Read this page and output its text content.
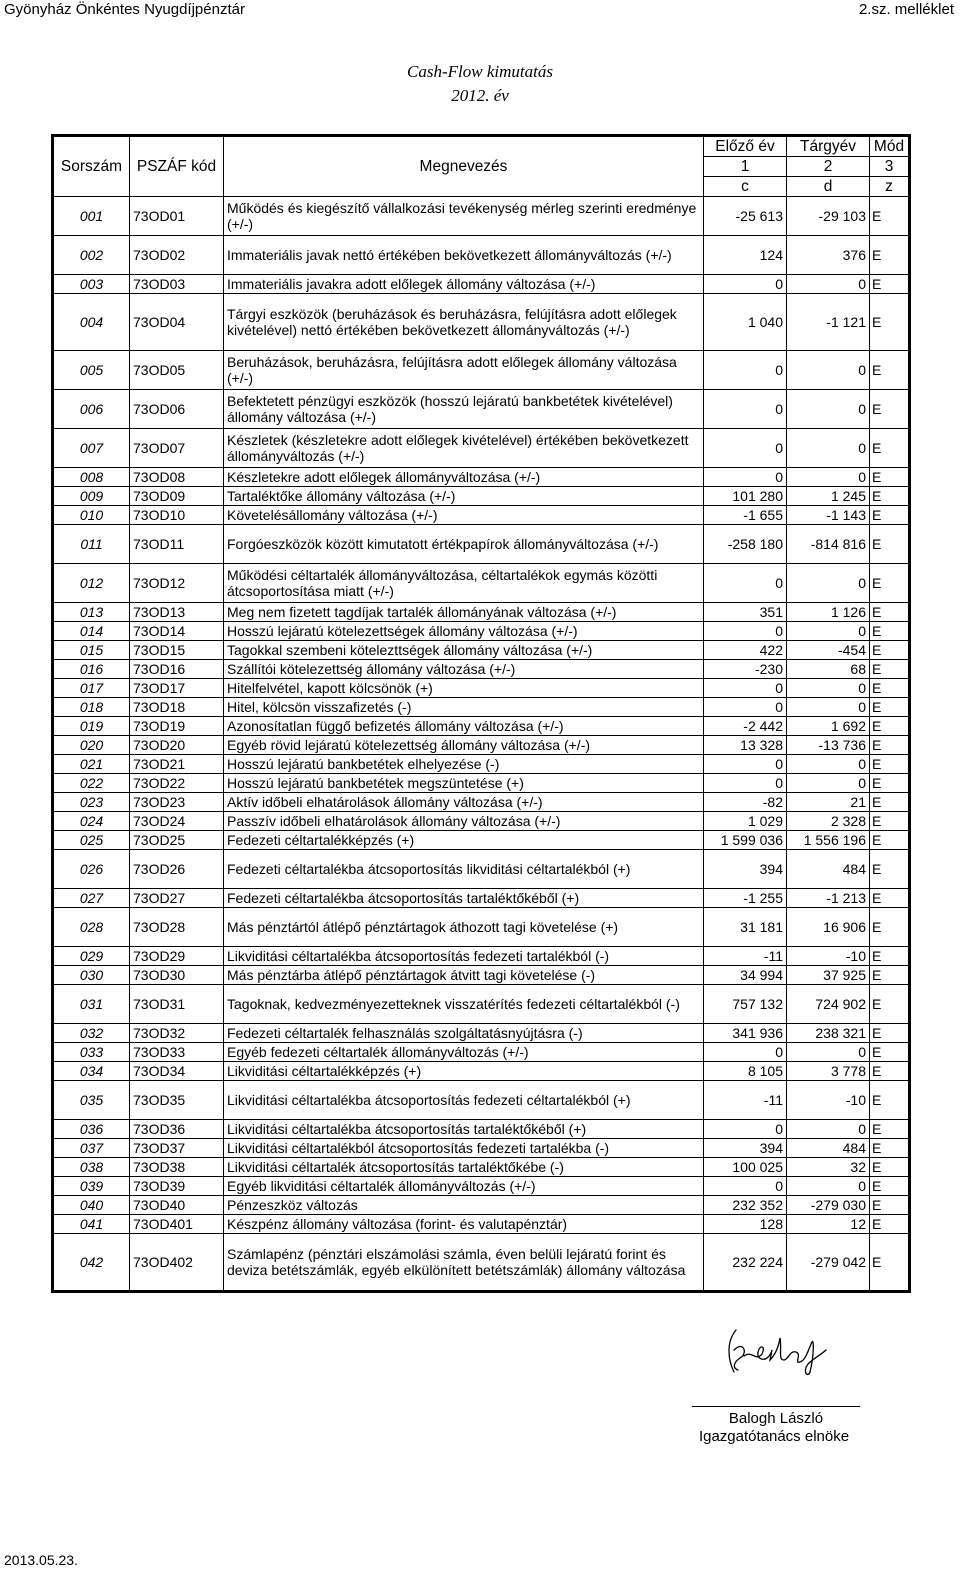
Gyönyház Önkéntes Nyugdíjpénztár	2.sz. melléklet
Cash-Flow kimutatás
2012. év
Sorszám	PSZÁF kód	Megnevezés	Előző év	Tárgyév	Mód
			1	2	3
			c	d	z
001	73OD01	Működés és kiegészítő vállalkozási tevékenység mérleg szerinti eredménye (+/-)	-25 613	-29 103	E
002	73OD02	Immateriális javak nettó értékében bekövetkezett állományváltozás (+/-)	124	376	E
003	73OD03	Immateriális javakra adott előlegek állomány változása (+/-)	0	0	E
004	73OD04	Tárgyi eszközök (beruházások és beruházásra, felújításra adott előlegek kivételével) nettó értékében bekövetkezett állományváltozás (+/-)	1 040	-1 121	E
005	73OD05	Beruházások, beruházásra, felújításra adott előlegek állomány változása (+/-)	0	0	E
006	73OD06	Befektetett pénzügyi eszközök (hosszú lejáratú bankbetétek kivételével) állomány változása (+/-)	0	0	E
007	73OD07	Készletek (készletekre adott előlegek kivételével) értékében bekövetkezett állományváltozás (+/-)	0	0	E
008	73OD08	Készletekre adott előlegek állományváltozása (+/-)	0	0	E
009	73OD09	Tartaléktőke állomány változása (+/-)	101 280	1 245	E
010	73OD10	Követelésállomány változása (+/-)	-1 655	-1 143	E
011	73OD11	Forgóeszközök között kimutatott értékpapírok állományváltozása (+/-)	-258 180	-814 816	E
012	73OD12	Működési céltartalék állományváltozása, céltartalékok egymás közötti átcsoportosítása miatt (+/-)	0	0	E
013	73OD13	Meg nem fizetett tagdíjak tartalék állományának változása (+/-)	351	1 126	E
014	73OD14	Hosszú lejáratú kötelezettségek állomány változása (+/-)	0	0	E
015	73OD15	Tagokkal szembeni kötelezttségek állomány változása (+/-)	422	-454	E
016	73OD16	Szállítói kötelezettség állomány változása (+/-)	-230	68	E
017	73OD17	Hitelfelvétel, kapott kölcsönök (+)	0	0	E
018	73OD18	Hitel, kölcsön visszafizetés (-)	0	0	E
019	73OD19	Azonosítatlan függő befizetés állomány változása (+/-)	-2 442	1 692	E
020	73OD20	Egyéb rövid lejáratú kötelezettség állomány változása (+/-)	13 328	-13 736	E
021	73OD21	Hosszú lejáratú bankbetétek elhelyezése (-)	0	0	E
022	73OD22	Hosszú lejáratú bankbetétek megszüntetése (+)	0	0	E
023	73OD23	Aktív időbeli elhatárolások állomány változása (+/-)	-82	21	E
024	73OD24	Passzív időbeli elhatárolások állomány változása (+/-)	1 029	2 328	E
025	73OD25	Fedezeti céltartalékképzés (+)	1 599 036	1 556 196	E
026	73OD26	Fedezeti céltartalékba átcsoportosítás likviditási céltartalékból (+)	394	484	E
027	73OD27	Fedezeti céltartalékba átcsoportosítás tartaléktőkéből (+)	-1 255	-1 213	E
028	73OD28	Más pénztártól átlépő pénztártagok áthozott tagi követelése (+)	31 181	16 906	E
029	73OD29	Likviditási céltartalékba átcsoportosítás fedezeti tartalékból (-)	-11	-10	E
030	73OD30	Más pénztárba átlépő pénztártagok átvitt tagi követelése (-)	34 994	37 925	E
031	73OD31	Tagoknak, kedvezményezetteknek visszatérítés fedezeti céltartalékból (-)	757 132	724 902	E
032	73OD32	Fedezeti céltartalék felhasználás szolgáltatásnyújtásra (-)	341 936	238 321	E
033	73OD33	Egyéb fedezeti céltartalék állományváltozás (+/-)	0	0	E
034	73OD34	Likviditási céltartalékképzés (+)	8 105	3 778	E
035	73OD35	Likviditási céltartalékba átcsoportosítás fedezeti céltartalékból (+)	-11	-10	E
036	73OD36	Likviditási céltartalékba átcsoportosítás tartaléktőkéből (+)	0	0	E
037	73OD37	Likviditási céltartalékból átcsoportosítás fedezeti tartalékba (-)	394	484	E
038	73OD38	Likviditási céltartalék átcsoportosítás tartaléktőkébe (-)	100 025	32	E
039	73OD39	Egyéb likviditási céltartalék állományváltozás (+/-)	0	0	E
040	73OD40	Pénzeszköz változás	232 352	-279 030	E
041	73OD401	Készpénz állomány változása (forint- és valutapénztár)	128	12	E
042	73OD402	Számlapénz (pénztári elszámolási számla, éven belüli lejáratú forint és deviza betétszámlák, egyéb elkülönített betétszámlák) állomány változása	232 224	-279 042	E
Balogh László
Igazgatótanács elnöke
2013.05.23.
